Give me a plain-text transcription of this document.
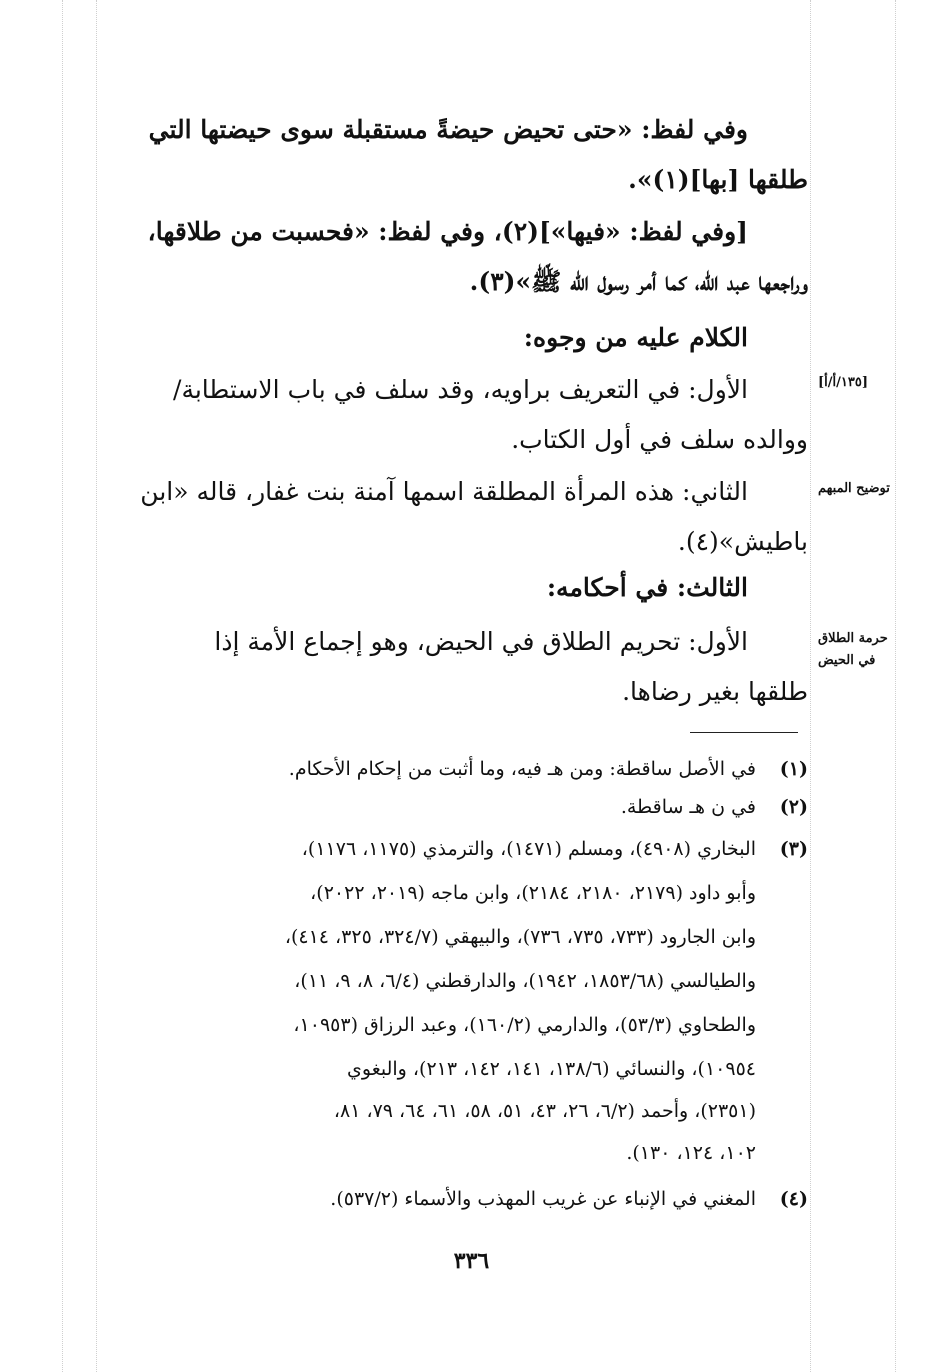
وفي لفظ: «حتى تحيض حيضةً مستقبلة سوى حيضتها التي
طلقها [بها](١)».
[وفي لفظ: «فيها»](٢)، وفي لفظ: «فحسبت من طلاقها،
وراجعها عبد الله، كما أمر رسول الله ﷺ»(٣).
الكلام عليه من وجوه:
الأول: في التعريف براويه، وقد سلف في باب الاستطابة/
ووالده سلف في أول الكتاب.
الثاني: هذه المرأة المطلقة اسمها آمنة بنت غفار، قاله «ابن
باطيش»(٤).
الثالث: في أحكامه:
الأول: تحريم الطلاق في الحيض، وهو إجماع الأمة إذا
طلقها بغير رضاها.
[١٣٥/أ/أ]
توضيح المبهم
حرمة الطلاق
في الحيض
(١)في الأصل ساقطة: ومن هـ فيه، وما أثبت من إحكام الأحكام.
(٢)في ن هـ ساقطة.
(٣)البخاري (٤٩٠٨)، ومسلم (١٤٧١)، والترمذي (١١٧٥، ١١٧٦)،
وأبو داود (٢١٧٩، ٢١٨٠، ٢١٨٤)، وابن ماجه (٢٠١٩، ٢٠٢٢)،
وابن الجارود (٧٣٣، ٧٣٥، ٧٣٦)، والبيهقي (٣٢٤/٧، ٣٢٥، ٤١٤)،
والطيالسي (١٨٥٣/٦٨، ١٩٤٢)، والدارقطني (٦/٤، ٨، ٩، ١١)،
والطحاوي (٥٣/٣)، والدارمي (١٦٠/٢)، وعبد الرزاق (١٠٩٥٣،
١٠٩٥٤)، والنسائي (١٣٨/٦، ١٤١، ١٤٢، ٢١٣)، والبغوي
(٢٣٥١)، وأحمد (٦/٢، ٢٦، ٤٣، ٥١، ٥٨، ٦١، ٦٤، ٧٩، ٨١،
١٠٢، ١٢٤، ١٣٠).
(٤)المغني في الإنباء عن غريب المهذب والأسماء (٥٣٧/٢).
٣٣٦
